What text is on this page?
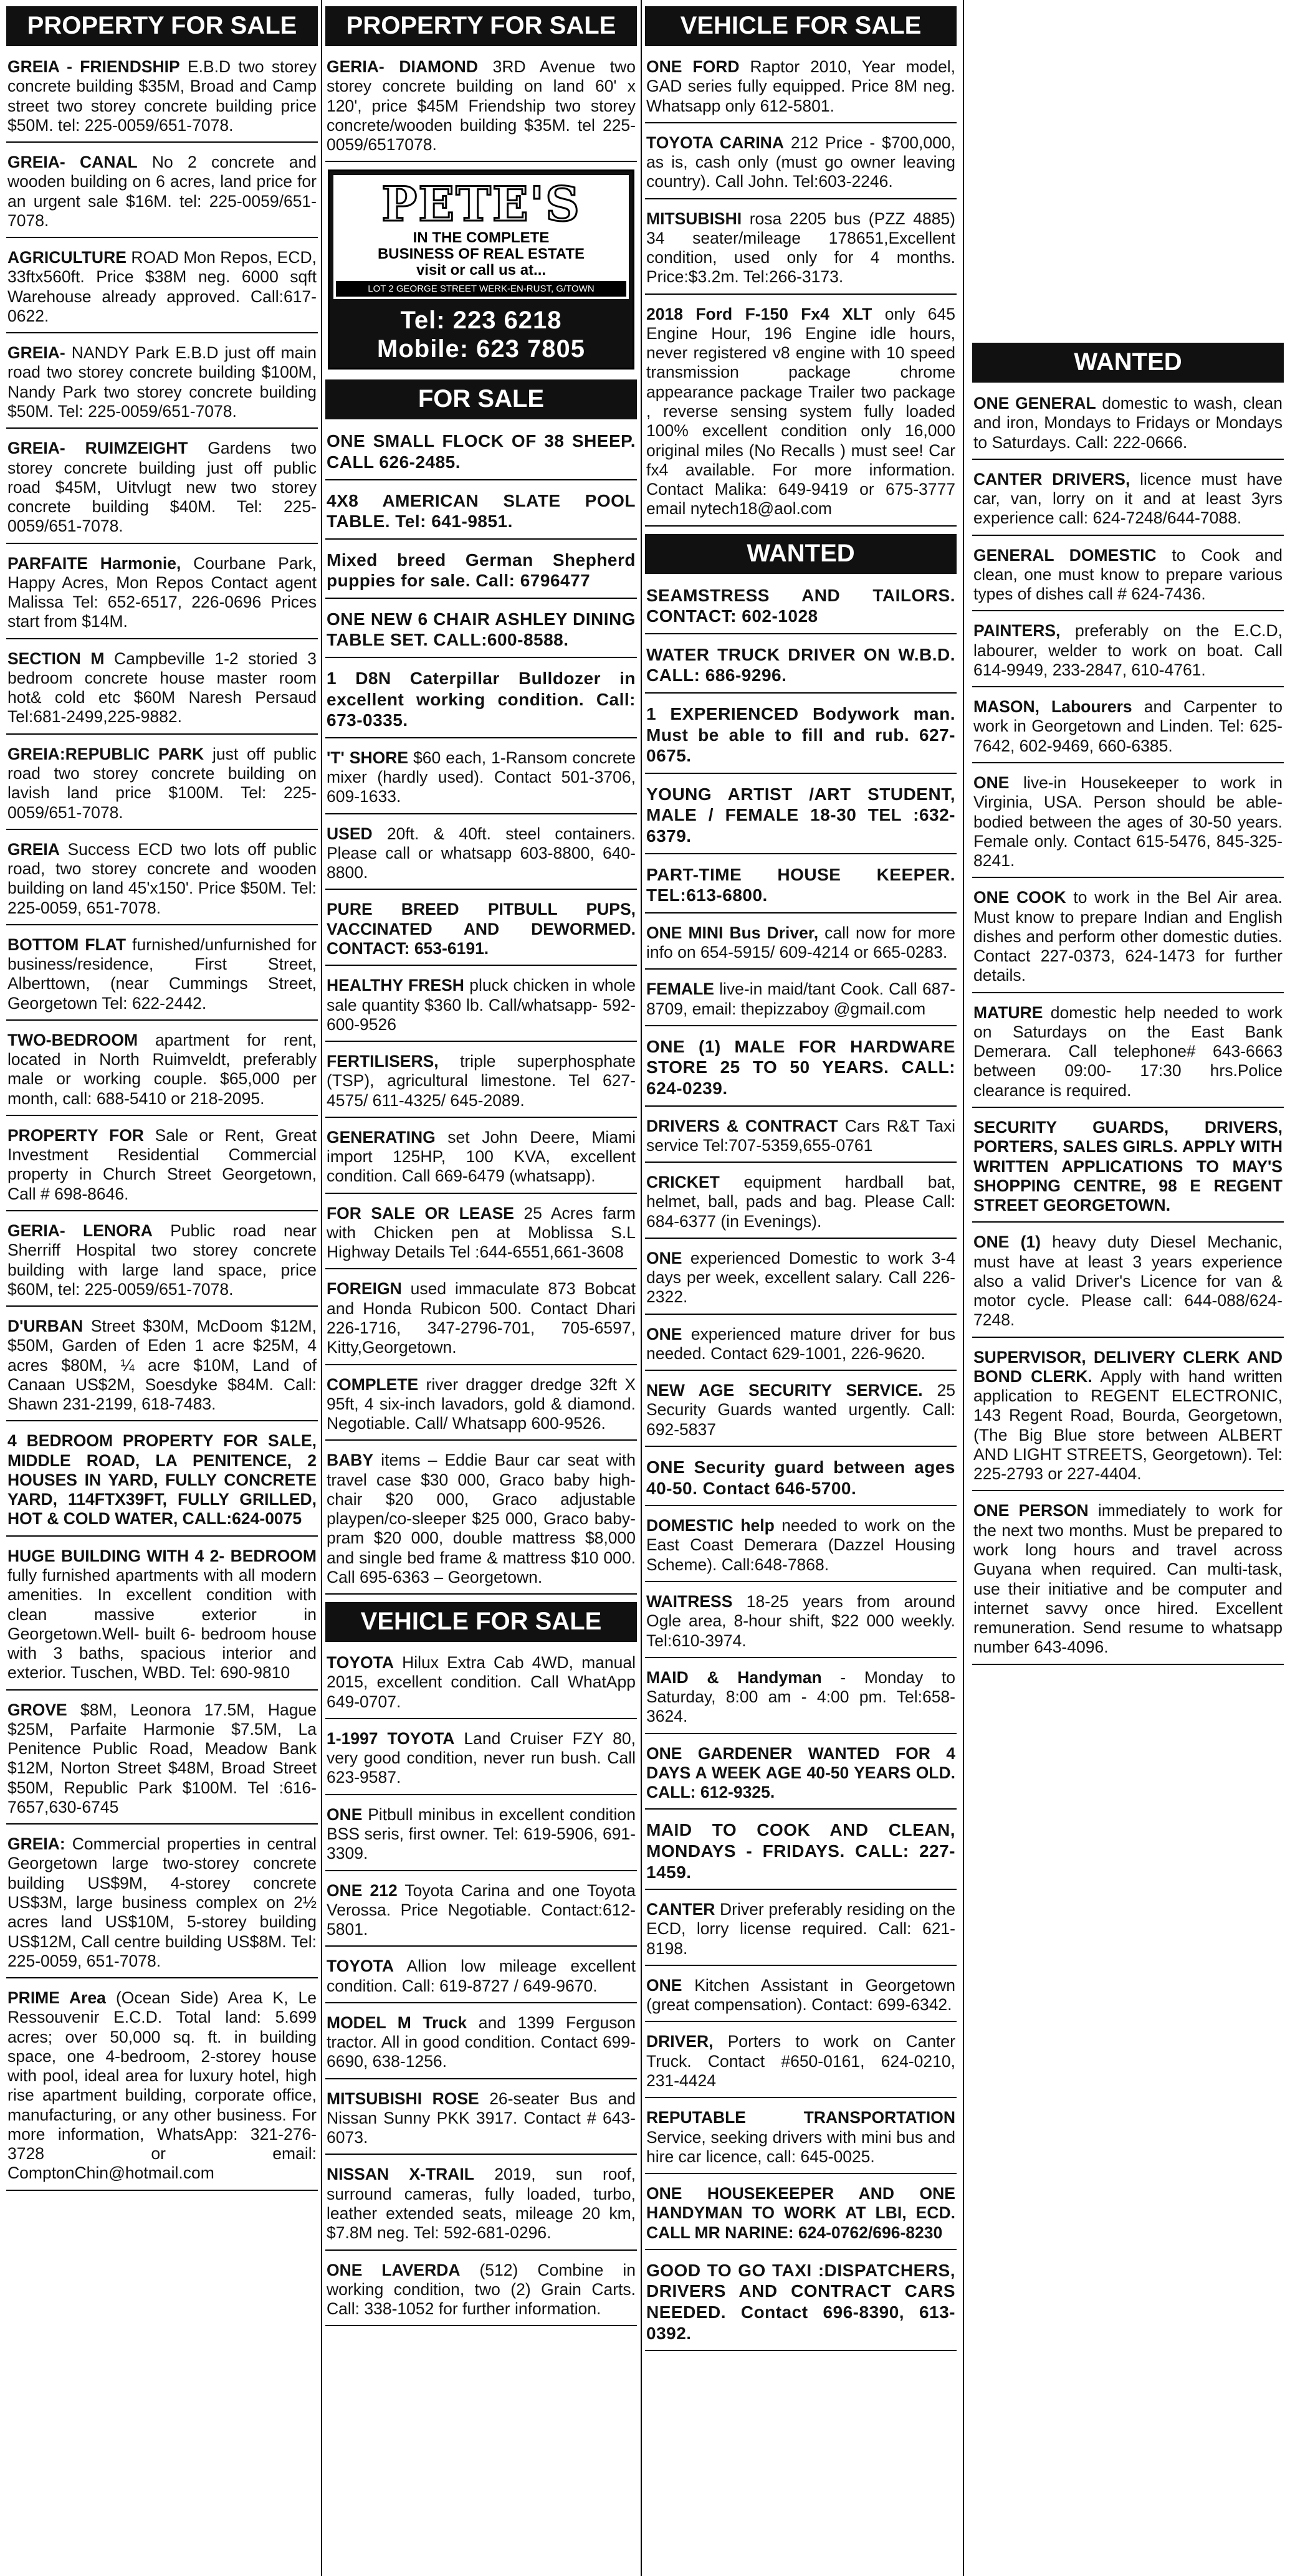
PROPERTY FOR SALE
GREIA - FRIENDSHIP E.B.D two storey concrete building $35M, Broad and Camp street two storey concrete building price $50M. tel: 225-0059/651-7078.
GREIA- CANAL No 2 concrete and wooden building on 6 acres, land price for an urgent sale $16M. tel: 225-0059/651-7078.
AGRICULTURE ROAD Mon Repos, ECD, 33ftx560ft. Price $38M neg. 6000 sqft Warehouse already approved. Call:617-0622.
GREIA- NANDY Park E.B.D just off main road two storey concrete building $100M, Nandy Park two storey concrete building $50M. Tel: 225-0059/651-7078.
GREIA- RUIMZEIGHT Gardens two storey concrete building just off public road $45M, Uitvlugt new two storey concrete building $40M. Tel: 225-0059/651-7078.
PARFAITE Harmonie, Courbane Park, Happy Acres, Mon Repos Contact agent Malissa Tel: 652-6517, 226-0696 Prices start from $14M.
SECTION M Campbeville 1-2 storied 3 bedroom concrete house master room hot& cold etc $60M Naresh Persaud Tel:681-2499,225-9882.
GREIA:REPUBLIC PARK just off public road two storey concrete building on lavish land price $100M. Tel: 225-0059/651-7078.
GREIA Success ECD two lots off public road, two storey concrete and wooden building on land 45'x150'. Price $50M. Tel: 225-0059, 651-7078.
BOTTOM FLAT furnished/unfurnished for business/residence, First Street, Alberttown, (near Cummings Street, Georgetown Tel: 622-2442.
TWO-BEDROOM apartment for rent, located in North Ruimveldt, preferably male or working couple. $65,000 per month, call: 688-5410 or 218-2095.
PROPERTY FOR Sale or Rent, Great Investment Residential Commercial property in Church Street Georgetown, Call # 698-8646.
GERIA- LENORA Public road near Sherriff Hospital two storey concrete building with large land space, price $60M, tel: 225-0059/651-7078.
D'URBAN Street $30M, McDoom $12M, $50M, Garden of Eden 1 acre $25M, 4 acres $80M, ¼ acre $10M, Land of Canaan US$2M, Soesdyke $84M. Call: Shawn 231-2199, 618-7483.
4 BEDROOM PROPERTY FOR SALE, MIDDLE ROAD, LA PENITENCE, 2 HOUSES IN YARD, FULLY CONCRETE YARD, 114FTX39FT, FULLY GRILLED, HOT & COLD WATER, CALL:624-0075
HUGE BUILDING WITH 4 2- BEDROOM fully furnished apartments with all modern amenities. In excellent condition with clean massive exterior in Georgetown.Well- built 6- bedroom house with 3 baths, spacious interior and exterior. Tuschen, WBD. Tel: 690-9810
GROVE $8M, Leonora 17.5M, Hague $25M, Parfaite Harmonie $7.5M, La Penitence Public Road, Meadow Bank $12M, Norton Street $48M, Broad Street $50M, Republic Park $100M. Tel :616-7657,630-6745
GREIA: Commercial properties in central Georgetown large two-storey concrete building US$9M, 4-storey concrete US$3M, large business complex on 2½ acres land US$10M, 5-storey building US$12M, Call centre building US$8M. Tel: 225-0059, 651-7078.
PRIME Area (Ocean Side) Area K, Le Ressouvenir E.C.D. Total land: 5.699 acres; over 50,000 sq. ft. in building space, one 4-bedroom, 2-storey house with pool, ideal area for luxury hotel, high rise apartment building, corporate office, manufacturing, or any other business. For more information, WhatsApp: 321-276-3728 or email: ComptonChin@hotmail.com
PROPERTY FOR SALE
GERIA- DIAMOND 3RD Avenue two storey concrete building on land 60' x 120', price $45M Friendship two storey concrete/wooden building $35M. tel 225-0059/6517078.
PETE'S
IN THE COMPLETE
BUSINESS OF REAL ESTATE
visit or call us at...
LOT 2 GEORGE STREET WERK-EN-RUST, G/TOWN
Tel: 223 6218
Mobile: 623 7805
FOR SALE
ONE SMALL FLOCK OF 38 SHEEP. CALL 626-2485.
4X8 AMERICAN SLATE POOL TABLE. Tel: 641-9851.
Mixed breed German Shepherd puppies for sale. Call: 6796477
ONE NEW 6 CHAIR ASHLEY DINING TABLE SET. CALL:600-8588.
1 D8N Caterpillar Bulldozer in excellent working condition. Call: 673-0335.
'T' SHORE $60 each, 1-Ransom concrete mixer (hardly used). Contact 501-3706, 609-1633.
USED 20ft. & 40ft. steel containers. Please call or whatsapp 603-8800, 640-8800.
PURE BREED PITBULL PUPS, VACCINATED AND DEWORMED. CONTACT: 653-6191.
HEALTHY FRESH pluck chicken in whole sale quantity $360 lb. Call/whatsapp- 592-600-9526
FERTILISERS, triple superphosphate (TSP), agricultural limestone. Tel 627-4575/ 611-4325/ 645-2089.
GENERATING set John Deere, Miami import 125HP, 100 KVA, excellent condition. Call 669-6479 (whatsapp).
FOR SALE OR LEASE 25 Acres farm with Chicken pen at Moblissa S.L Highway Details Tel :644-6551,661-3608
FOREIGN used immaculate 873 Bobcat and Honda Rubicon 500. Contact Dhari 226-1716, 347-2796-701, 705-6597, Kitty,Georgetown.
COMPLETE river dragger dredge 32ft X 95ft, 4 six-inch lavadors, gold & diamond. Negotiable. Call/ Whatsapp 600-9526.
BABY items – Eddie Baur car seat with travel case $30 000, Graco baby high-chair $20 000, Graco adjustable playpen/co-sleeper $25 000, Graco baby-pram $20 000, double mattress $8,000 and single bed frame & mattress $10 000. Call 695-6363 – Georgetown.
VEHICLE FOR SALE
TOYOTA Hilux Extra Cab 4WD, manual 2015, excellent condition. Call WhatApp 649-0707.
1-1997 TOYOTA Land Cruiser FZY 80, very good condition, never run bush. Call 623-9587.
ONE Pitbull minibus in excellent condition BSS seris, first owner. Tel: 619-5906, 691-3309.
ONE 212 Toyota Carina and one Toyota Verossa. Price Negotiable. Contact:612-5801.
TOYOTA Allion low mileage excellent condition. Call: 619-8727 / 649-9670.
MODEL M Truck and 1399 Ferguson tractor. All in good condition. Contact 699-6690, 638-1256.
MITSUBISHI ROSE 26-seater Bus and Nissan Sunny PKK 3917. Contact # 643-6073.
NISSAN X-TRAIL 2019, sun roof, surround cameras, fully loaded, turbo, leather extended seats, mileage 20 km, $7.8M neg. Tel: 592-681-0296.
ONE LAVERDA (512) Combine in working condition, two (2) Grain Carts. Call: 338-1052 for further information.
VEHICLE FOR SALE
ONE FORD Raptor 2010, Year model, GAD series fully equipped. Price 8M neg. Whatsapp only 612-5801.
TOYOTA CARINA 212 Price - $700,000, as is, cash only (must go owner leaving country). Call John. Tel:603-2246.
MITSUBISHI rosa 2205 bus (PZZ 4885) 34 seater/mileage 178651,Excellent condition, used only for 4 months. Price:$3.2m. Tel:266-3173.
2018 Ford F-150 Fx4 XLT only 645 Engine Hour, 196 Engine idle hours, never registered v8 engine with 10 speed transmission package chrome appearance package Trailer two package , reverse sensing system fully loaded 100% excellent condition only 16,000 original miles (No Recalls ) must see! Car fx4 available. For more information. Contact Malika: 649-9419 or 675-3777 email nytech18@aol.com
WANTED
SEAMSTRESS AND TAILORS. CONTACT: 602-1028
WATER TRUCK DRIVER ON W.B.D. CALL: 686-9296.
1 EXPERIENCED Bodywork man. Must be able to fill and rub. 627-0675.
YOUNG ARTIST /ART STUDENT, MALE / FEMALE 18-30 TEL :632-6379.
PART-TIME HOUSE KEEPER. TEL:613-6800.
ONE MINI Bus Driver, call now for more info on 654-5915/ 609-4214 or 665-0283.
FEMALE live-in maid/tant Cook. Call 687-8709, email: thepizzaboy @gmail.com
ONE (1) MALE FOR HARDWARE STORE 25 TO 50 YEARS. CALL: 624-0239.
DRIVERS & CONTRACT Cars R&T Taxi service Tel:707-5359,655-0761
CRICKET equipment hardball bat, helmet, ball, pads and bag. Please Call: 684-6377 (in Evenings).
ONE experienced Domestic to work 3-4 days per week, excellent salary. Call 226-2322.
ONE experienced mature driver for bus needed. Contact 629-1001, 226-9620.
NEW AGE SECURITY SERVICE. 25 Security Guards wanted urgently. Call: 692-5837
ONE Security guard between ages 40-50. Contact 646-5700.
DOMESTIC help needed to work on the East Coast Demerara (Dazzel Housing Scheme). Call:648-7868.
WAITRESS 18-25 years from around Ogle area, 8-hour shift, $22 000 weekly. Tel:610-3974.
MAID & Handyman - Monday to Saturday, 8:00 am - 4:00 pm. Tel:658-3624.
ONE GARDENER WANTED FOR 4 DAYS A WEEK AGE 40-50 YEARS OLD. CALL: 612-9325.
MAID TO COOK AND CLEAN, MONDAYS - FRIDAYS. CALL: 227-1459.
CANTER Driver preferably residing on the ECD, lorry license required. Call: 621-8198.
ONE Kitchen Assistant in Georgetown (great compensation). Contact: 699-6342.
DRIVER, Porters to work on Canter Truck. Contact #650-0161, 624-0210, 231-4424
REPUTABLE TRANSPORTATION Service, seeking drivers with mini bus and hire car licence, call: 645-0025.
ONE HOUSEKEEPER AND ONE HANDYMAN TO WORK AT LBI, ECD. CALL MR NARINE: 624-0762/696-8230
GOOD TO GO TAXI :DISPATCHERS, DRIVERS AND CONTRACT CARS NEEDED. Contact 696-8390, 613-0392.
WANTED
ONE GENERAL domestic to wash, clean and iron, Mondays to Fridays or Mondays to Saturdays. Call: 222-0666.
CANTER DRIVERS, licence must have car, van, lorry on it and at least 3yrs experience call: 624-7248/644-7088.
GENERAL DOMESTIC to Cook and clean, one must know to prepare various types of dishes call # 624-7436.
PAINTERS, preferably on the E.C.D, labourer, welder to work on boat. Call 614-9949, 233-2847, 610-4761.
MASON, Labourers and Carpenter to work in Georgetown and Linden. Tel: 625-7642, 602-9469, 660-6385.
ONE live-in Housekeeper to work in Virginia, USA. Person should be able-bodied between the ages of 30-50 years. Female only. Contact 615-5476, 845-325-8241.
ONE COOK to work in the Bel Air area. Must know to prepare Indian and English dishes and perform other domestic duties. Contact 227-0373, 624-1473 for further details.
MATURE domestic help needed to work on Saturdays on the East Bank Demerara. Call telephone# 643-6663 between 09:00- 17:30 hrs.Police clearance is required.
SECURITY GUARDS, DRIVERS, PORTERS, SALES GIRLS. APPLY WITH WRITTEN APPLICATIONS TO MAY'S SHOPPING CENTRE, 98 E REGENT STREET GEORGETOWN.
ONE (1) heavy duty Diesel Mechanic, must have at least 3 years experience also a valid Driver's Licence for van & motor cycle. Please call: 644-088/624-7248.
SUPERVISOR, DELIVERY CLERK AND BOND CLERK. Apply with hand written application to REGENT ELECTRONIC, 143 Regent Road, Bourda, Georgetown, (The Big Blue store between ALBERT AND LIGHT STREETS, Georgetown). Tel: 225-2793 or 227-4404.
ONE PERSON immediately to work for the next two months. Must be prepared to work long hours and travel across Guyana when required. Can multi-task, use their initiative and be computer and internet savvy once hired. Excellent remuneration. Send resume to whatsapp number 643-4096.
